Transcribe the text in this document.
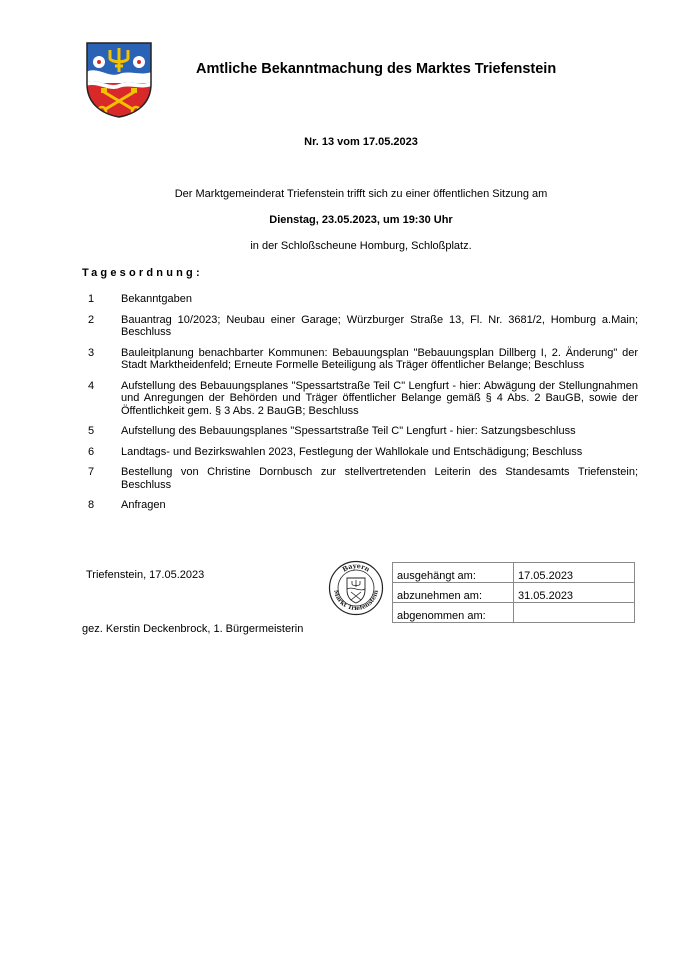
Amtliche Bekanntmachung des Marktes Triefenstein
Nr. 13 vom 17.05.2023
Der Marktgemeinderat Triefenstein trifft sich zu einer öffentlichen Sitzung am
Dienstag, 23.05.2023, um 19:30 Uhr
in der Schloßscheune Homburg, Schloßplatz.
Tagesordnung:
1	Bekanntgaben
2	Bauantrag 10/2023; Neubau einer Garage; Würzburger Straße 13, Fl. Nr. 3681/2, Homburg a.Main; Beschluss
3	Bauleitplanung benachbarter Kommunen: Bebauungsplan "Bebauungsplan Dillberg I, 2. Änderung" der Stadt Marktheidenfeld; Erneute Formelle Beteiligung als Träger öffentlicher Belange; Beschluss
4	Aufstellung des Bebauungsplanes "Spessartstraße Teil C" Lengfurt - hier: Abwägung der Stellungnahmen und Anregungen der Behörden und Träger öffentlicher Belange gemäß § 4 Abs. 2 BauGB, sowie der Öffentlichkeit gem. § 3 Abs. 2 BauGB; Beschluss
5	Aufstellung des Bebauungsplanes "Spessartstraße Teil C" Lengfurt - hier: Satzungsbeschluss
6	Landtags- und Bezirkswahlen 2023, Festlegung der Wahllokale und Entschädigung; Beschluss
7	Bestellung von Christine Dornbusch zur stellvertretenden Leiterin des Standesamts Triefenstein; Beschluss
8	Anfragen
Triefenstein, 17.05.2023
Bayern
Markt Triefenstein
ausgehängt am:	17.05.2023
abzunehmen am:	31.05.2023
abgenommen am:	
gez. Kerstin Deckenbrock, 1. Bürgermeisterin
